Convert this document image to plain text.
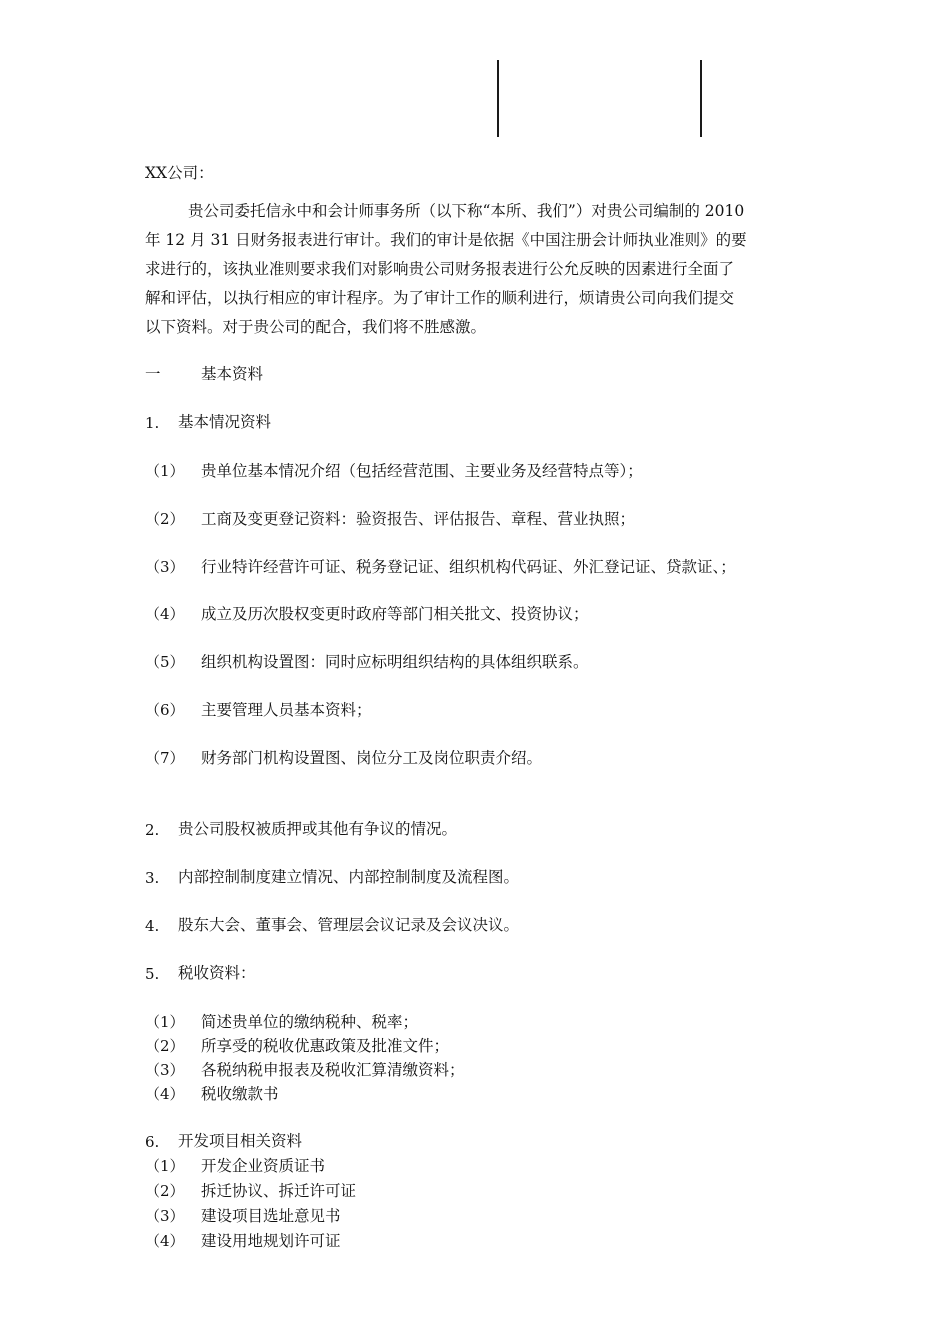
XX公司：
贵公司委托信永中和会计师事务所（以下称“本所、我们”）对贵公司编制的 2010
年 12 月 31 日财务报表进行审计。我们的审计是依据《中国注册会计师执业准则》的要
求进行的，该执业准则要求我们对影响贵公司财务报表进行公允反映的因素进行全面了
解和评估，以执行相应的审计程序。为了审计工作的顺利进行，烦请贵公司向我们提交
以下资料。对于贵公司的配合，我们将不胜感激。
一	基本资料
1. 基本情况资料
（1） 贵单位基本情况介绍（包括经营范围、主要业务及经营特点等）；
（2） 工商及变更登记资料：验资报告、评估报告、章程、营业执照；
（3） 行业特许经营许可证、税务登记证、组织机构代码证、外汇登记证、贷款证、；
（4） 成立及历次股权变更时政府等部门相关批文、投资协议；
（5） 组织机构设置图：同时应标明组织结构的具体组织联系。
（6） 主要管理人员基本资料；
（7） 财务部门机构设置图、岗位分工及岗位职责介绍。
2. 贵公司股权被质押或其他有争议的情况。
3. 内部控制制度建立情况、内部控制制度及流程图。
4. 股东大会、董事会、管理层会议记录及会议决议。
5. 税收资料：
（1） 简述贵单位的缴纳税种、税率；
（2） 所享受的税收优惠政策及批准文件；
（3） 各税纳税申报表及税收汇算清缴资料；
（4） 税收缴款书
6. 开发项目相关资料
（1） 开发企业资质证书
（2） 拆迁协议、拆迁许可证
（3） 建设项目选址意见书
（4） 建设用地规划许可证
